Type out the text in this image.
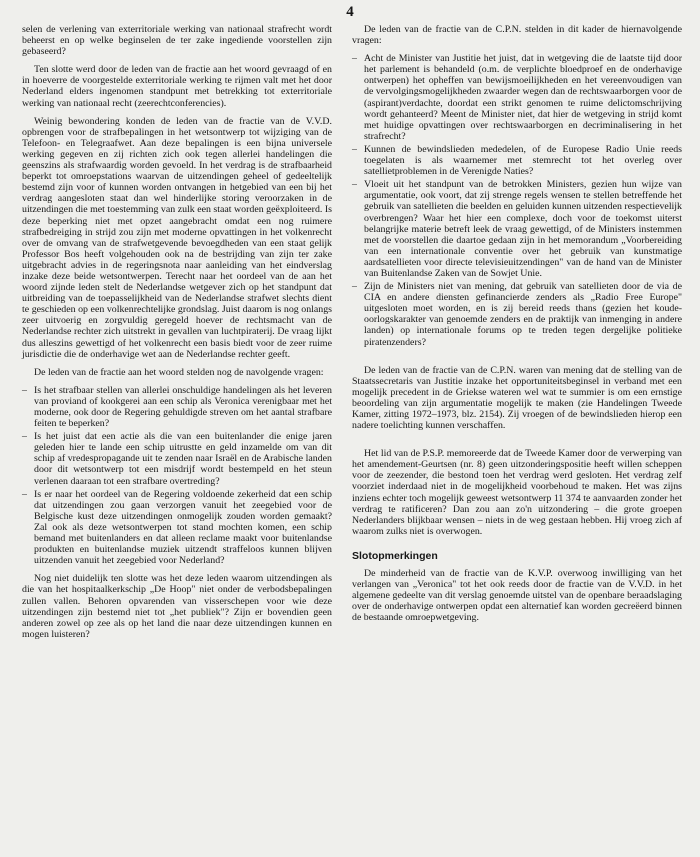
4

selen de verlening van exterritoriale werking van nationaal strafrecht wordt beheerst en op welke beginselen de ter zake ingediende voorstellen zijn gebaseerd?

Ten slotte werd door de leden van de fractie aan het woord gevraagd of en in hoeverre de voorgestelde exterritoriale werking te rijmen valt met het door Nederland elders ingenomen standpunt met betrekking tot exterritoriale werking van nationaal recht (zeerechtconferencies).

Weinig bewondering konden de leden van de fractie van de V.V.D. opbrengen voor de strafbepalingen in het wetsontwerp tot wijziging van de Telefoon- en Telegraafwet. Aan deze bepalingen is een bijna universele werking gegeven en zij richten zich ook tegen allerlei handelingen die geenszins als strafwaardig worden gevoeld. In het verdrag is de strafbaarheid beperkt tot omroepstations waarvan de uitzendingen geheel of gedeeltelijk bestemd zijn voor of kunnen worden ontvangen in hetgebied van een bij het verdrag aangesloten staat dan wel hinderlijke storing veroorzaken in de uitzendingen die met toestemming van zulk een staat worden geëxploiteerd. Is deze beperking niet met opzet aangebracht omdat een nog ruimere strafbedreiging in strijd zou zijn met moderne opvattingen in het volkenrecht over de omvang van de strafwetgevende bevoegdheden van een staat gelijk Professor Bos heeft volgehouden ook na de bestrijding van zijn ter zake uitgebracht advies in de regeringsnota naar aanleiding van het eindverslag inzake deze beide wetsontwerpen. Terecht naar het oordeel van de aan het woord zijnde leden stelt de Nederlandse wetgever zich op het standpunt dat uitbreiding van de toepasselijkheid van de Nederlandse strafwet slechts dient te geschieden op een volkenrechtelijke grondslag. Juist daarom is nog onlangs zeer uitvoerig en zorgvuldig geregeld hoever de rechtsmacht van de Nederlandse rechter zich uitstrekt in gevallen van luchtpiraterij. De vraag lijkt dus alleszins gewettigd of het volkenrecht een basis biedt voor de zeer ruime jurisdictie die de onderhavige wet aan de Nederlandse rechter geeft.

De leden van de fractie aan het woord stelden nog de navolgende vragen:

– Is het strafbaar stellen van allerlei onschuldige handelingen als het leveren van proviand of kookgerei aan een schip als Veronica verenigbaar met het moderne, ook door de Regering gehuldigde streven om het aantal strafbare feiten te beperken?
– Is het juist dat een actie als die van een buitenlander die enige jaren geleden hier te lande een schip uitrustte en geld inzamelde om van dit schip af vredespropagande uit te zenden naar Israël en de Arabische landen door dit wetsontwerp tot een misdrijf wordt bestempeld en het steun verlenen daaraan tot een strafbare overtreding?
– Is er naar het oordeel van de Regering voldoende zekerheid dat een schip dat uitzendingen zou gaan verzorgen vanuit het zeegebied voor de Belgische kust deze uitzendingen onmogelijk zouden worden gemaakt? Zal ook als deze wetsontwerpen tot stand mochten komen, een schip bemand met buitenlanders en dat alleen reclame maakt voor buitenlandse produkten en buitenlandse muziek uitzendt straffeloos kunnen blijven uitzenden vanuit het zeegebied voor Nederland?

Nog niet duidelijk ten slotte was het deze leden waarom uitzendingen als die van het hospitaalkerkschip „De Hoop" niet onder de verbodsbepalingen zullen vallen. Behoren opvarenden van visserschepen voor wie deze uitzendingen zijn bestemd niet tot „het publiek"? Zijn er bovendien geen anderen zowel op zee als op het land die naar deze uitzendingen kunnen en mogen luisteren?

De leden van de fractie van de C.P.N. stelden in dit kader de hiernavolgende vragen:

– Acht de Minister van Justitie het juist, dat in wetgeving die de laatste tijd door het parlement is behandeld (o.m. de verplichte bloedproef en de onderhavige ontwerpen) het opheffen van bewijsmoeilijkheden en het vereenvoudigen van de vervolgingsmogelijkheden zwaarder wegen dan de rechtswaarborgen voor de (aspirant)verdachte, doordat een strikt genomen te ruime delictomschrijving wordt gehanteerd? Meent de Minister niet, dat hier de wetgeving in strijd komt met huidige opvattingen over rechtswaarborgen en decriminalisering in het strafrecht?
– Kunnen de bewindslieden mededelen, of de Europese Radio Unie reeds toegelaten is als waarnemer met stemrecht tot het overleg over satellietproblemen in de Verenigde Naties?
– Vloeit uit het standpunt van de betrokken Ministers, gezien hun wijze van argumentatie, ook voort, dat zij strenge regels wensen te stellen betreffende het gebruik van satellieten die beelden en geluiden kunnen uitzenden respectievelijk overbrengen? Waar het hier een complexe, doch voor de toekomst uiterst belangrijke materie betreft leek de vraag gewettigd, of de Ministers instemmen met de voorstellen die daartoe gedaan zijn in het memorandum „Voorbereiding van een internationale conventie over het gebruik van kunstmatige aardsatellieten voor directe televisieuitzendingen" van de hand van de Minister van Buitenlandse Zaken van de Sowjet Unie.
– Zijn de Ministers niet van mening, dat gebruik van satellieten door de via de CIA en andere diensten gefinancierde zenders als „Radio Free Europe" uitgesloten moet worden, en is zij bereid reeds thans (gezien het koude-oorlogskarakter van genoemde zenders en de praktijk van inmenging in andere landen) op internationale forums op te treden tegen dergelijke politieke piratenzenders?

De leden van de fractie van de C.P.N. waren van mening dat de stelling van de Staatssecretaris van Justitie inzake het opportuniteitsbeginsel in verband met een mogelijk precedent in de Griekse wateren wel wat te summier is om een ernstige beoordeling van zijn argumentatie mogelijk te maken (zie Handelingen Tweede Kamer, zitting 1972–1973, blz. 2154). Zij vroegen of de bewindslieden hierop een nadere toelichting kunnen verschaffen.

Het lid van de P.S.P. memoreerde dat de Tweede Kamer door de verwerping van het amendement-Geurtsen (nr. 8) geen uitzonderingspositie heeft willen scheppen voor de zeezender, die bestond toen het verdrag werd gesloten. Het verdrag zelf voorziet inderdaad niet in de mogelijkheid voorbehoud te maken. Het was zijns inziens echter toch mogelijk geweest wetsontwerp 11 374 te aanvaarden zonder het verdrag te ratificeren? Dan zou aan zo'n uitzondering – die grote groepen Nederlanders blijkbaar wensen – niets in de weg gestaan hebben. Hij vroeg zich af waarom zulks niet is overwogen.

Slotopmerkingen

De minderheid van de fractie van de K.V.P. overwoog inwilliging van het verlangen van „Veronica" tot het ook reeds door de fractie van de V.V.D. in het algemene gedeelte van dit verslag genoemde uitstel van de openbare beraadslaging over de onderhavige ontwerpen opdat een alternatief kan worden gecreëerd binnen de bestaande omroepwetgeving.
